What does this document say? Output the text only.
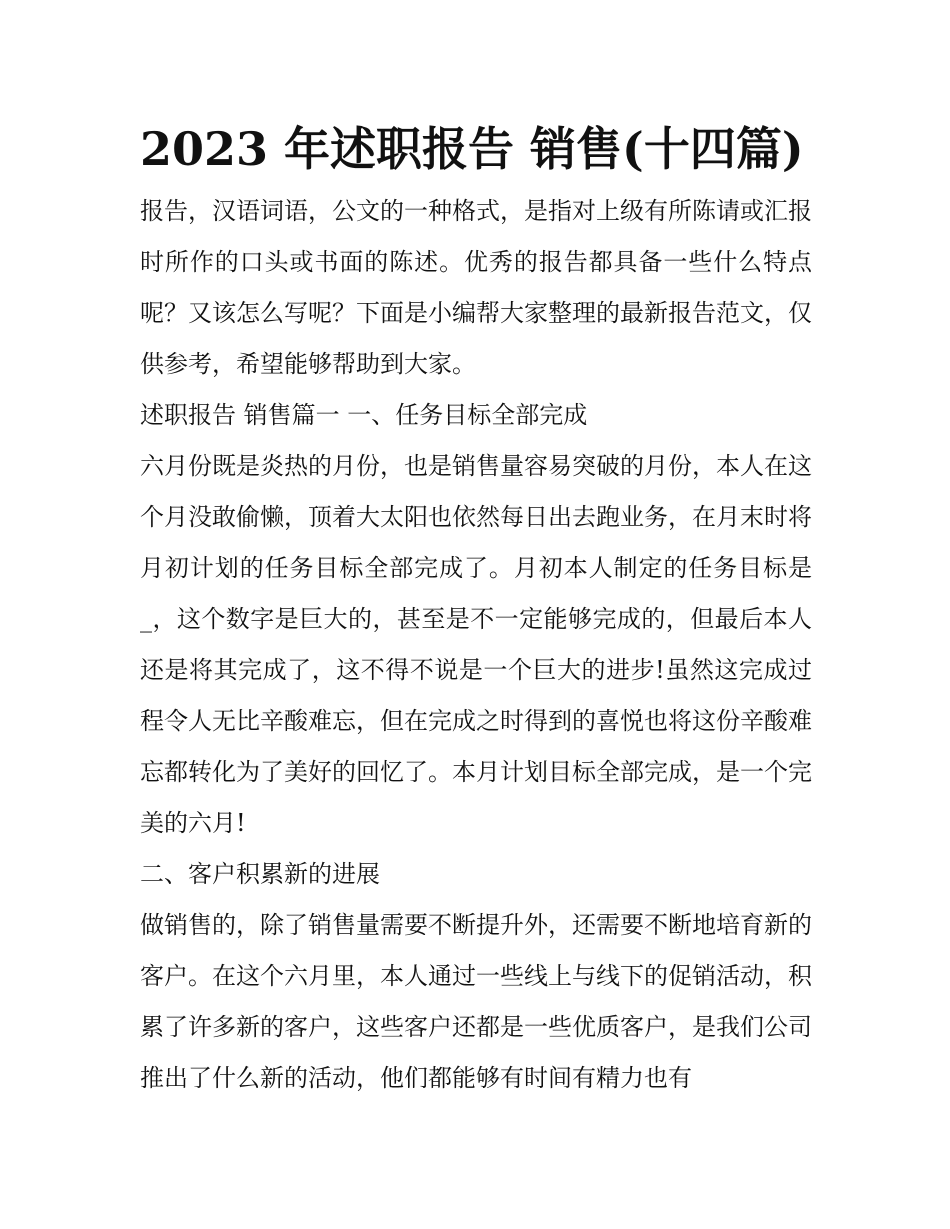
2023 年述职报告 销售(十四篇)

报告，汉语词语，公文的一种格式，是指对上级有所陈请或汇报时所作的口头或书面的陈述。优秀的报告都具备一些什么特点呢？又该怎么写呢？下面是小编帮大家整理的最新报告范文，仅供参考，希望能够帮助到大家。

述职报告 销售篇一 一、任务目标全部完成

六月份既是炎热的月份，也是销售量容易突破的月份，本人在这个月没敢偷懒，顶着大太阳也依然每日出去跑业务，在月末时将月初计划的任务目标全部完成了。月初本人制定的任务目标是_，这个数字是巨大的，甚至是不一定能够完成的，但最后本人还是将其完成了，这不得不说是一个巨大的进步!虽然这完成过程令人无比辛酸难忘，但在完成之时得到的喜悦也将这份辛酸难忘都转化为了美好的回忆了。本月计划目标全部完成，是一个完美的六月!

二、客户积累新的进展

做销售的，除了销售量需要不断提升外，还需要不断地培育新的客户。在这个六月里，本人通过一些线上与线下的促销活动，积累了许多新的客户，这些客户还都是一些优质客户，是我们公司推出了什么新的活动，他们都能够有时间有精力也有
